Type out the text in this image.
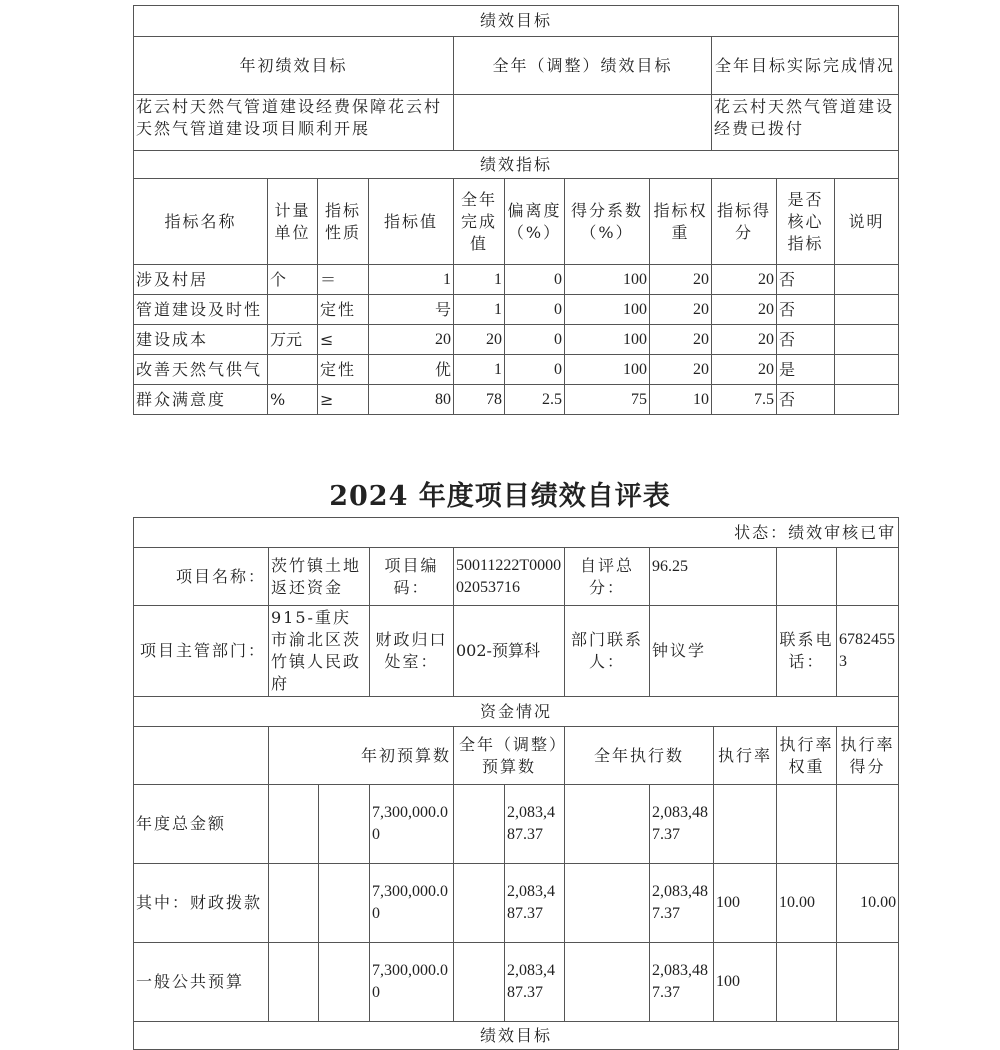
绩效目标										
年初绩效目标				全年（调整）绩效目标				全年目标实际完成情况		
花云村天然气管道建设经费保障花云村天然气管道建设项目顺利开展								花云村天然气管道建设经费已拨付		
绩效指标										
指标名称	计量单位	指标性质	指标值	全年完成值	偏离度（%）	得分系数（%）	指标权重	指标得分	是否核心指标	说明
涉及村居	个	＝	1	1	0	100	20	20	否	
管道建设及时性		定性	号	1	0	100	20	20	否	
建设成本	万元	≤	20	20	0	100	20	20	否	
改善天然气供气		定性	优	1	0	100	20	20	是	
群众满意度	%	≥	80	78	2.5	75	10	7.5	否	
2024 年度项目绩效自评表
状态：绩效审核已审										
项目名称：	茨竹镇土地返还资金		项目编码：	50011222T000002053716		自评总分：	96.25			
项目主管部门：	915-重庆市渝北区茨竹镇人民政府		财政归口处室：	002-预算科		部门联系人：	钟议学		联系电话：	67824553
资金情况										
	年初预算数			全年（调整）预算数		全年执行数		执行率	执行率权重	执行率得分
年度总金额			7,300,000.00		2,083,487.37		2,083,487.37			
其中：财政拨款			7,300,000.00		2,083,487.37		2,083,487.37	100	10.00	10.00
一般公共预算			7,300,000.00		2,083,487.37		2,083,487.37	100		
绩效目标										
